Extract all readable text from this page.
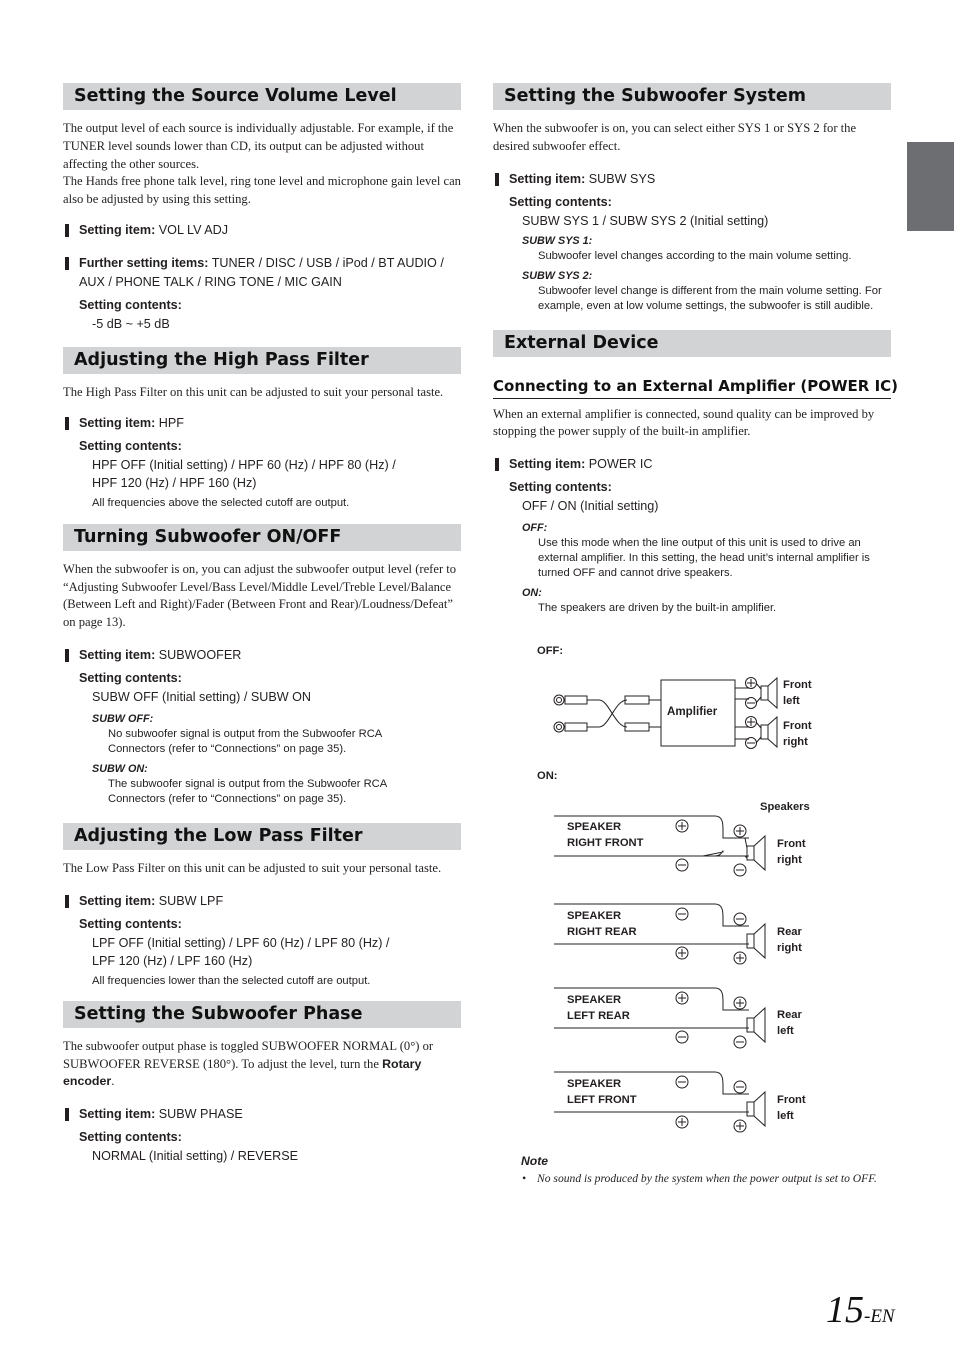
Setting the Source Volume Level

The output level of each source is individually adjustable. For example, if the TUNER level sounds lower than CD, its output can be adjusted without affecting the other sources.

The Hands free phone talk level, ring tone level and microphone gain level can also be adjusted by using this setting.

Setting item: VOL LV ADJ
Further setting items: TUNER / DISC / USB / iPod / BT AUDIO / AUX / PHONE TALK / RING TONE / MIC GAIN
Setting contents:
-5 dB ~ +5 dB
Adjusting the High Pass Filter

The High Pass Filter on this unit can be adjusted to suit your personal taste.

Setting item: HPF
Setting contents:
HPF OFF (Initial setting) / HPF 60 (Hz) / HPF 80 (Hz) / HPF 120 (Hz) / HPF 160 (Hz)
All frequencies above the selected cutoff are output.
Turning Subwoofer ON/OFF

When the subwoofer is on, you can adjust the subwoofer output level (refer to “Adjusting Subwoofer Level/Bass Level/Middle Level/Treble Level/Balance (Between Left and Right)/Fader (Between Front and Rear)/Loudness/Defeat” on page 13).

Setting item: SUBWOOFER
Setting contents:
SUBW OFF (Initial setting) / SUBW ON
SUBW OFF:
No subwoofer signal is output from the Subwoofer RCA Connectors (refer to “Connections” on page 35).
SUBW ON:
The subwoofer signal is output from the Subwoofer RCA Connectors (refer to “Connections” on page 35).
Adjusting the Low Pass Filter

The Low Pass Filter on this unit can be adjusted to suit your personal taste.

Setting item: SUBW LPF
Setting contents:
LPF OFF (Initial setting) / LPF 60 (Hz) / LPF 80 (Hz) / LPF 120 (Hz) / LPF 160 (Hz)
All frequencies lower than the selected cutoff are output.
Setting the Subwoofer Phase

The subwoofer output phase is toggled SUBWOOFER NORMAL (0°) or SUBWOOFER REVERSE (180°). To adjust the level, turn the Rotary encoder.

Setting item: SUBW PHASE
Setting contents:
NORMAL (Initial setting) / REVERSE
Setting the Subwoofer System

When the subwoofer is on, you can select either SYS 1 or SYS 2 for the desired subwoofer effect.

Setting item: SUBW SYS
Setting contents:
SUBW SYS 1 / SUBW SYS 2 (Initial setting)
SUBW SYS 1:
Subwoofer level changes according to the main volume setting.
SUBW SYS 2:
Subwoofer level change is different from the main volume setting. For example, even at low volume settings, the subwoofer is still audible.
External Device
Connecting to an External Amplifier (POWER IC)

When an external amplifier is connected, sound quality can be improved by stopping the power supply of the built-in amplifier.

Setting item: POWER IC
Setting contents:
OFF / ON (Initial setting)
OFF:
Use this mode when the line output of this unit is used to drive an external amplifier. In this setting, the head unit’s internal amplifier is turned OFF and cannot drive speakers.
ON:
The speakers are driven by the built-in amplifier.
OFF:
Amplifier
Front
left
Front
right
ON:
Speakers
SPEAKER
RIGHT FRONT	Front
right
SPEAKER
RIGHT REAR	Rear
right
SPEAKER
LEFT REAR	Rear
left
SPEAKER
LEFT FRONT	Front
left
Note
• No sound is produced by the system when the power output is set to OFF.
15-EN
